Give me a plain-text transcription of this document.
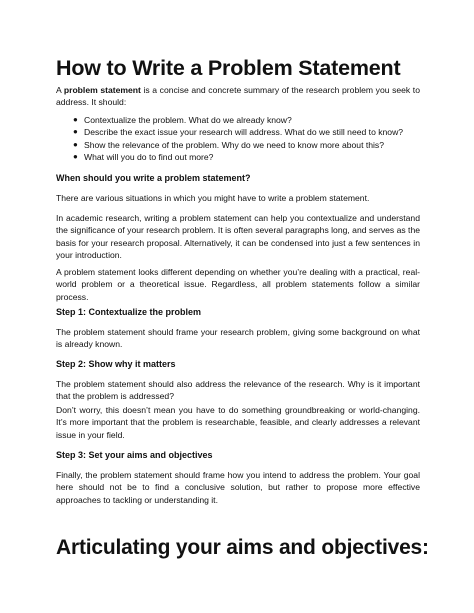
How to Write a Problem Statement

A problem statement is a concise and concrete summary of the research problem you seek to address. It should:

● Contextualize the problem. What do we already know?
● Describe the exact issue your research will address. What do we still need to know?
● Show the relevance of the problem. Why do we need to know more about this?
● What will you do to find out more?
When should you write a problem statement?

There are various situations in which you might have to write a problem statement.

In academic research, writing a problem statement can help you contextualize and understand the significance of your research problem. It is often several paragraphs long, and serves as the basis for your research proposal. Alternatively, it can be condensed into just a few sentences in your introduction.

A problem statement looks different depending on whether you’re dealing with a practical, real-world problem or a theoretical issue. Regardless, all problem statements follow a similar process.

Step 1: Contextualize the problem

The problem statement should frame your research problem, giving some background on what is already known.

Step 2: Show why it matters

The problem statement should also address the relevance of the research. Why is it important that the problem is addressed?

Don’t worry, this doesn’t mean you have to do something groundbreaking or world-changing. It’s more important that the problem is researchable, feasible, and clearly addresses a relevant issue in your field.

Step 3: Set your aims and objectives

Finally, the problem statement should frame how you intend to address the problem. Your goal here should not be to find a conclusive solution, but rather to propose more effective approaches to tackling or understanding it.

Articulating your aims and objectives:
